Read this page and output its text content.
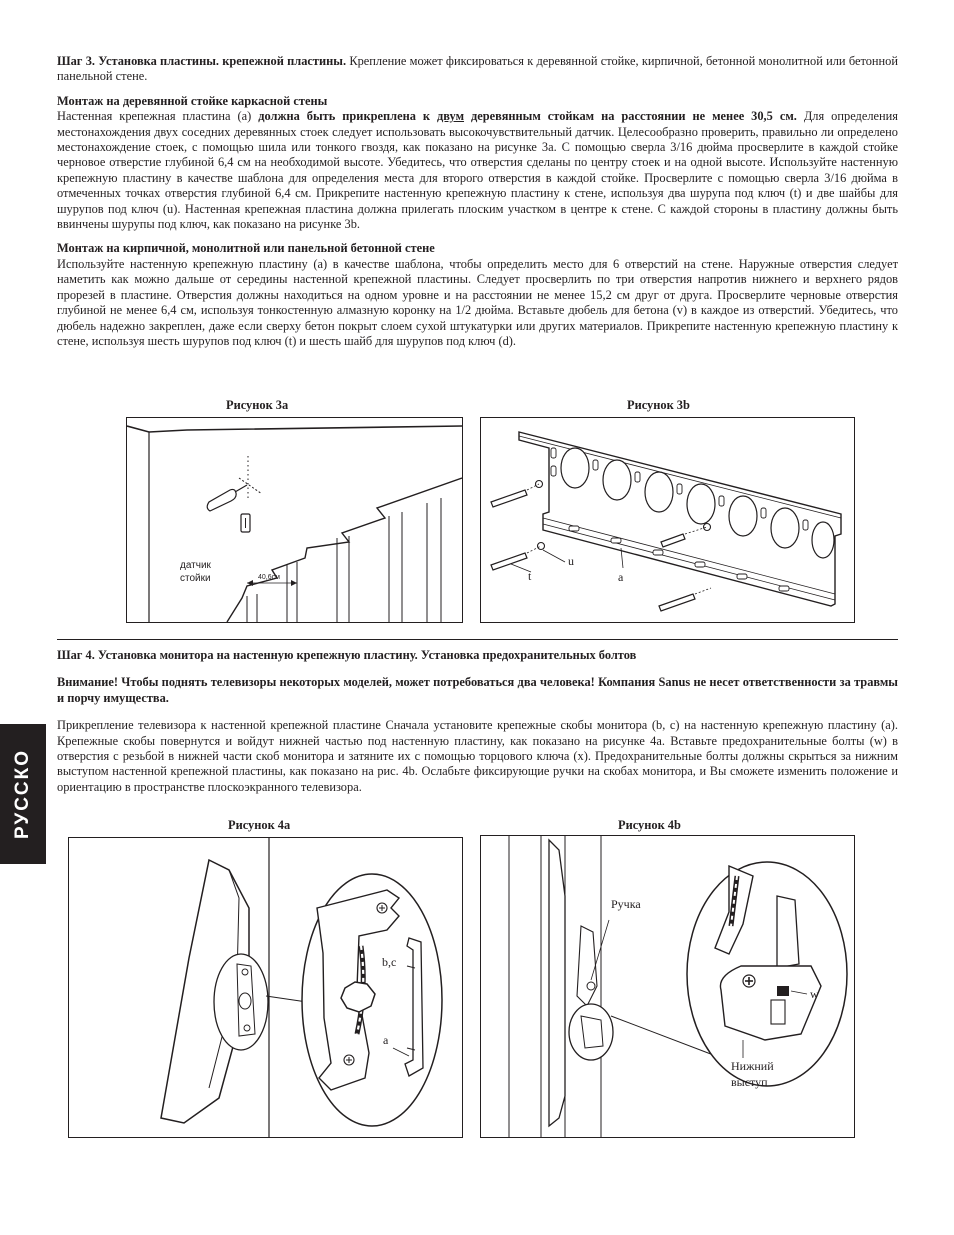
РУССКО

Шаг 3. Установка пластины. крепежной пластины. Крепление может фиксироваться к деревянной стойке, кирпичной, бетонной монолитной или бетонной панельной стене.

Монтаж на деревянной стойке каркасной стены

Настенная крепежная пластина (а) должна быть прикреплена к двум деревянным стойкам на расстоянии не менее 30,5 см. Для определения местонахождения двух соседних деревянных стоек следует использовать высокочувствительный датчик. Целесообразно проверить, правильно ли определено местонахождение стоек, с помощью шила или тонкого гвоздя, как показано на рисунке 3а. С помощью сверла 3/16 дюйма просверлите в каждой стойке черновое отверстие глубиной 6,4 см на необходимой высоте. Убедитесь, что отверстия сделаны по центру стоек и на одной высоте. Используйте настенную крепежную пластину в качестве шаблона для определения места для второго отверстия в каждой стойке. Просверлите с помощью сверла 3/16 дюйма в отмеченных точках отверстия глубиной 6,4 см. Прикрепите настенную крепежную пластину к стене, используя два шурупа под ключ (t) и две шайбы для шурупов под ключ (u). Настенная крепежная пластина должна прилегать плоским участком в центре к стене. С каждой стороны в пластину должны быть ввинчены шурупы под ключ, как показано на рисунке 3b.

Монтаж на кирпичной, монолитной или панельной бетонной стене

Используйте настенную крепежную пластину (а) в качестве шаблона, чтобы определить место для 6 отверстий на стене. Наружные отверстия следует наметить как можно дальше от середины настенной крепежной пластины. Следует просверлить по три отверстия напротив нижнего и верхнего рядов прорезей в пластине. Отверстия должны находиться на одном уровне и на расстоянии не менее 15,2 см друг от друга. Просверлите черновые отверстия глубиной не менее 6,4 см, используя тонкостенную алмазную коронку на 1/2 дюйма. Вставьте дюбель для бетона (v) в каждое из отверстий. Убедитесь, что дюбель надежно закреплен, даже если сверху бетон покрыт слоем сухой штукатурки или других материалов. Прикрепите настенную крепежную пластину к стене, используя шесть шурупов под ключ (t) и шесть шайб для шурупов под ключ (d).

Рисунок 3а	Рисунок 3b
датчик
стойки	40,6см	t
u
a

Шаг 4. Установка монитора на настенную крепежную пластину. Установка предохранительных болтов

Внимание! Чтобы поднять телевизоры некоторых моделей, может потребоваться два человека! Компания Sanus не несет ответственности за травмы и порчу имущества.

Прикрепление телевизора к настенной крепежной пластине Сначала установите крепежные скобы монитора (b, c) на настенную крепежную пластину (а). Крепежные скобы повернутся и войдут нижней частью под настенную пластину, как показано на рисунке 4а. Вставьте предохранительные болты (w) в отверстия с резьбой в нижней части скоб монитора и затяните их с помощью торцового ключа (х). Предохранительные болты должны скрыться за нижним выступом настенной крепежной пластины, как показано на рис. 4b. Ослабьте фиксирующие ручки на скобах монитора, и Вы сможете изменить положение и ориентацию в пространстве плоскоэкранного телевизора.

Рисунок 4a	Рисунок 4b
b,c
a
Ручка
w
Нижний
выступ
